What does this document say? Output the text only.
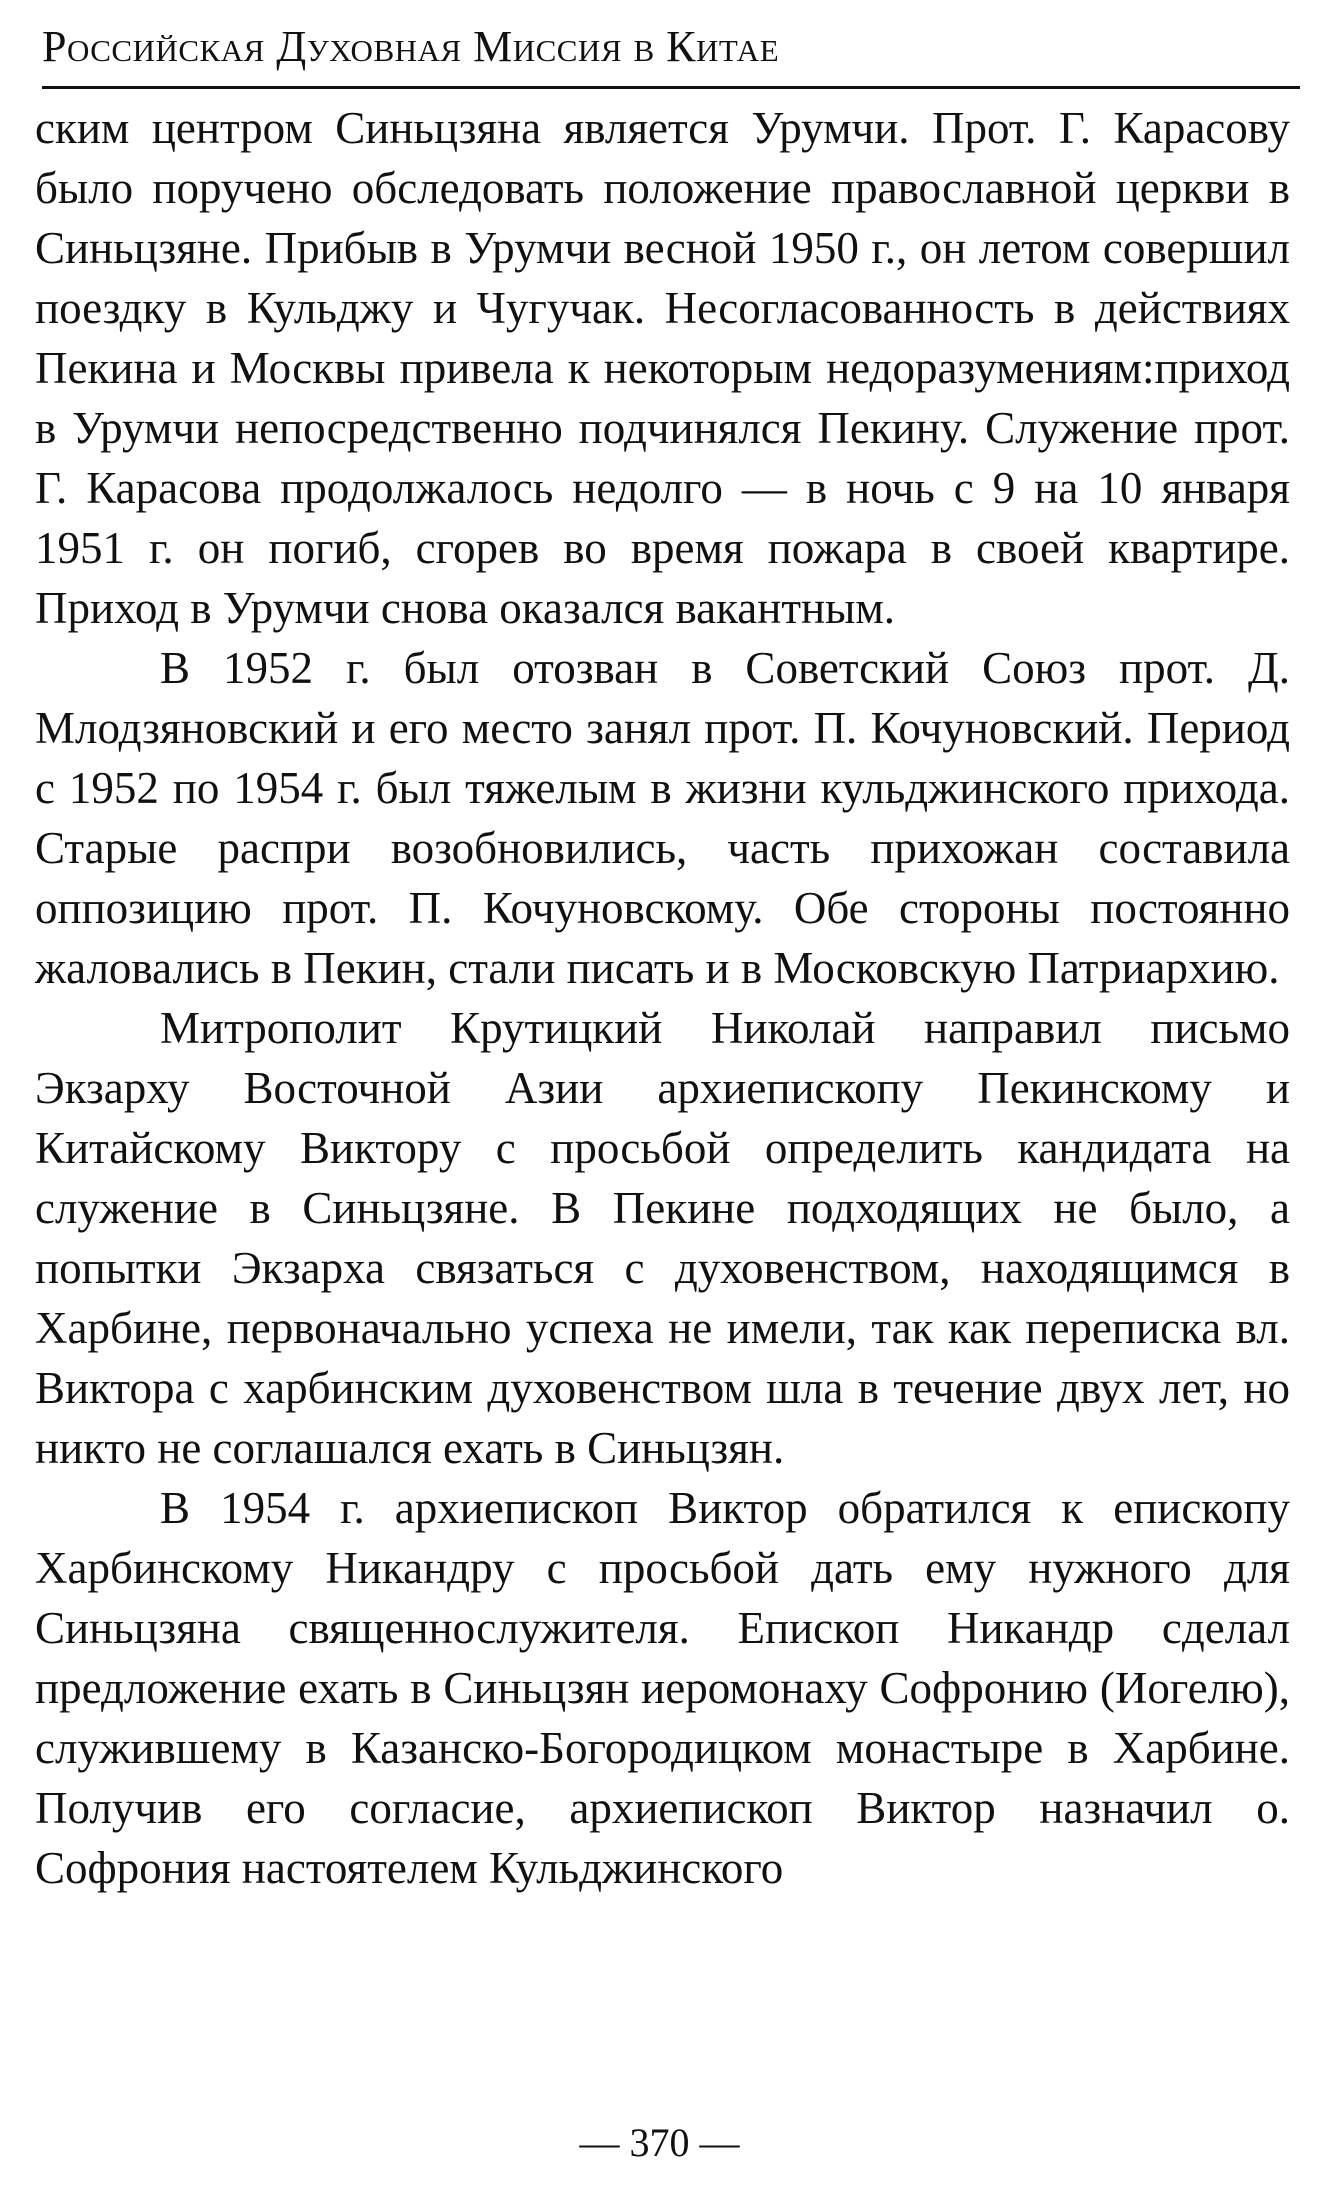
Российская Духовная Миссия в Китае

ским центром Синьцзяна является Урумчи. Прот. Г. Карасову было поручено обследовать положение православной церкви в Синьцзяне. Прибыв в Урумчи весной 1950 г., он летом совершил поездку в Кульджу и Чугучак. Несогласованность в действиях Пекина и Москвы привела к некоторым недоразумениям:приход в Урумчи непосредственно подчинялся Пекину. Служение прот. Г. Карасова продолжалось недолго — в ночь с 9 на 10 января 1951 г. он погиб, сгорев во время пожара в своей квартире. Приход в Урумчи снова оказался вакантным.

В 1952 г. был отозван в Советский Союз прот. Д. Млодзяновский и его место занял прот. П. Кочуновский. Период с 1952 по 1954 г. был тяжелым в жизни кульджинского прихода. Старые распри возобновились, часть прихожан составила оппозицию прот. П. Кочуновскому. Обе стороны постоянно жаловались в Пекин, стали писать и в Московскую Патриархию.

Митрополит Крутицкий Николай направил письмо Экзарху Восточной Азии архиепископу Пекинскому и Китайскому Виктору с просьбой определить кандидата на служение в Синьцзяне. В Пекине подходящих не было, а попытки Экзарха связаться с духовенством, находящимся в Харбине, первоначально успеха не имели, так как переписка вл. Виктора с харбинским духовенством шла в течение двух лет, но никто не соглашался ехать в Синьцзян.

В 1954 г. архиепископ Виктор обратился к епископу Харбинскому Никандру с просьбой дать ему нужного для Синьцзяна священнослужителя. Епископ Никандр сделал предложение ехать в Синьцзян иеромонаху Софронию (Иогелю), служившему в Казанско-Богородицком монастыре в Харбине. Получив его согласие, архиепископ Виктор назначил о. Софрония настоятелем Кульджинского

— 370 —
